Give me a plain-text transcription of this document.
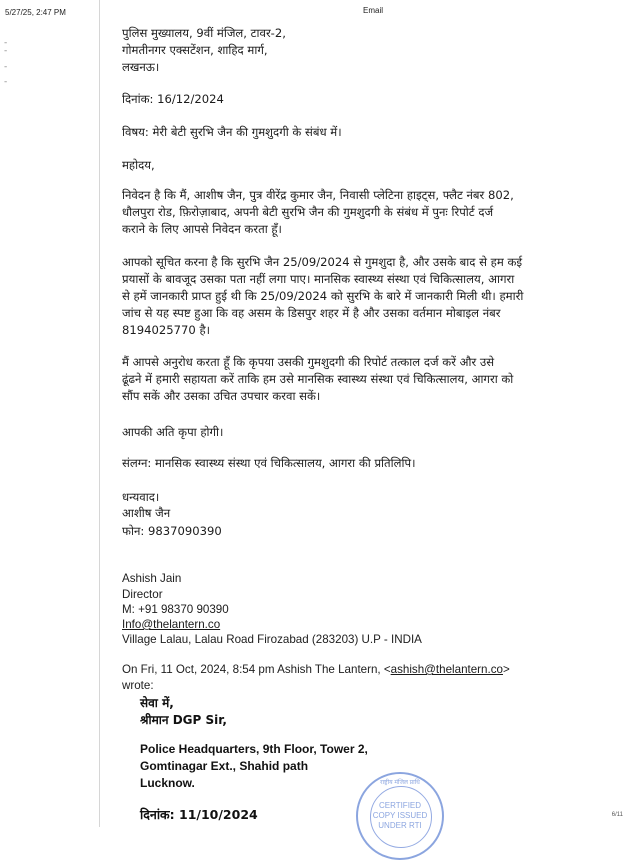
5/27/25, 2:47 PM	Email
-
-
-
-
पुलिस मुख्यालय, 9वीं मंजिल, टावर-2,
गोमतीनगर एक्सटेंशन, शाहिद मार्ग,
लखनऊ।
दिनांक: 16/12/2024
विषय: मेरी बेटी सुरभि जैन की गुमशुदगी के संबंध में।
महोदय,
निवेदन है कि मैं, आशीष जैन, पुत्र वीरेंद्र कुमार जैन, निवासी प्लेटिना हाइट्स, फ्लैट नंबर 802,
धौलपुरा रोड, फ़िरोज़ाबाद, अपनी बेटी सुरभि जैन की गुमशुदगी के संबंध में पुनः रिपोर्ट दर्ज
कराने के लिए आपसे निवेदन करता हूँ।
आपको सूचित करना है कि सुरभि जैन 25/09/2024 से गुमशुदा है, और उसके बाद से हम कई
प्रयासों के बावजूद उसका पता नहीं लगा पाए। मानसिक स्वास्थ्य संस्था एवं चिकित्सालय, आगरा
से हमें जानकारी प्राप्त हुई थी कि 25/09/2024 को सुरभि के बारे में जानकारी मिली थी। हमारी
जांच से यह स्पष्ट हुआ कि वह असम के डिसपुर शहर में है और उसका वर्तमान मोबाइल नंबर
8194025770 है।
मैं आपसे अनुरोध करता हूँ कि कृपया उसकी गुमशुदगी की रिपोर्ट तत्काल दर्ज करें और उसे
ढूंढने में हमारी सहायता करें ताकि हम उसे मानसिक स्वास्थ्य संस्था एवं चिकित्सालय, आगरा को
सौंप सकें और उसका उचित उपचार करवा सकें।
आपकी अति कृपा होगी।
संलग्न: मानसिक स्वास्थ्य संस्था एवं चिकित्सालय, आगरा की प्रतिलिपि।
धन्यवाद।
आशीष जैन
फोन: 9837090390
Ashish Jain
Director
M: +91 98370 90390
Info@thelantern.co
Village Lalau, Lalau Road Firozabad (283203) U.P - INDIA
On Fri, 11 Oct, 2024, 8:54 pm Ashish The Lantern, <ashish@thelantern.co>
wrote:
सेवा में,
श्रीमान DGP Sir,
Police Headquarters, 9th Floor, Tower 2,
Gomtinagar Ext., Shahid path
Lucknow.
दिनांक: 11/10/2024
राष्ट्रीय मंजिल प्राधि
CERTIFIED
COPY ISSUED
UNDER RTI
6/11
